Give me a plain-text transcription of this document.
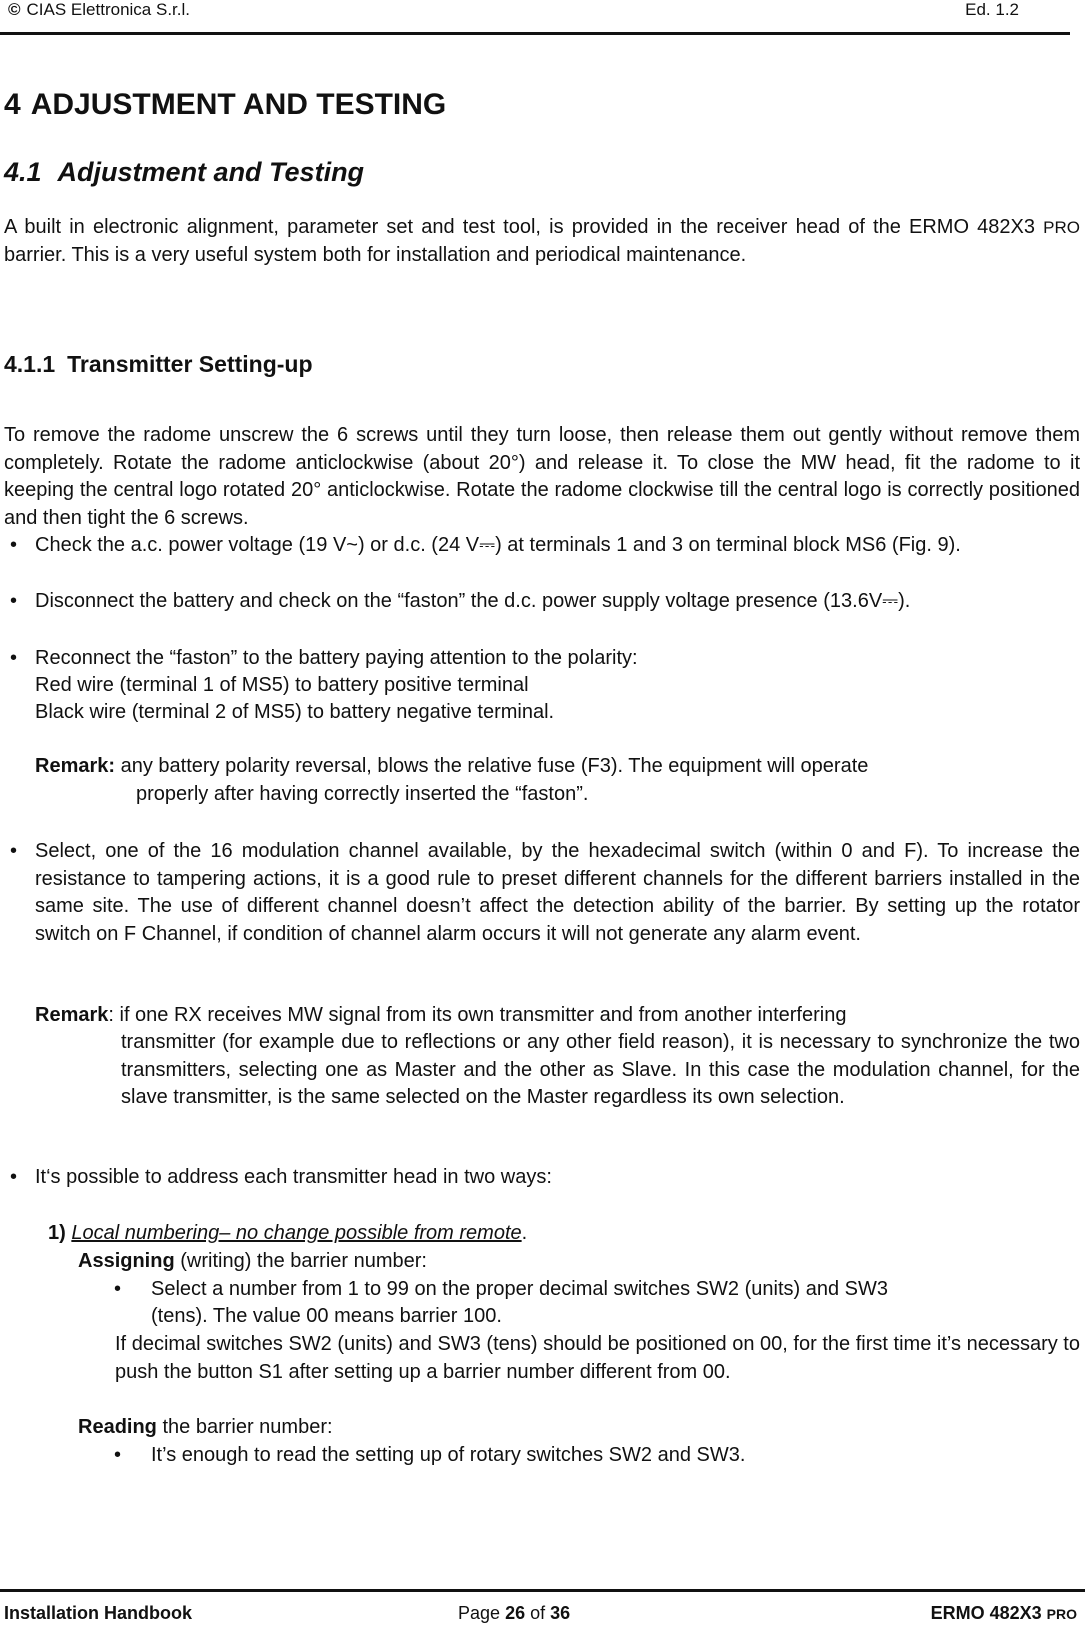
© CIAS Elettronica S.r.l.	Ed. 1.2
4 ADJUSTMENT AND TESTING
4.1 Adjustment and Testing
A built in electronic alignment, parameter set and test tool, is provided in the receiver head of the ERMO 482X3 PRO barrier. This is a very useful system both for installation and periodical maintenance.
4.1.1 Transmitter Setting-up
To remove the radome unscrew the 6 screws until they turn loose, then release them out gently without remove them completely. Rotate the radome anticlockwise (about 20°) and release it. To close the MW head, fit the radome to it keeping the central logo rotated 20° anticlockwise. Rotate the radome clockwise till the central logo is correctly positioned and then tight the 6 screws.
• Check the a.c. power voltage (19 V~) or d.c. (24 V⎓) at terminals 1 and 3 on terminal block MS6 (Fig. 9).
• Disconnect the battery and check on the “faston” the d.c. power supply voltage presence (13.6V⎓).
• Reconnect the “faston” to the battery paying attention to the polarity:
Red wire (terminal 1 of MS5) to battery positive terminal
Black wire (terminal 2 of MS5) to battery negative terminal.
Remark: any battery polarity reversal, blows the relative fuse (F3). The equipment will operate
properly after having correctly inserted the “faston”.
• Select, one of the 16 modulation channel available, by the hexadecimal switch (within 0 and F). To increase the resistance to tampering actions, it is a good rule to preset different channels for the different barriers installed in the same site. The use of different channel doesn’t affect the detection ability of the barrier. By setting up the rotator switch on F Channel, if condition of channel alarm occurs it will not generate any alarm event.
Remark: if one RX receives MW signal from its own transmitter and from another interfering
transmitter (for example due to reflections or any other field reason), it is necessary to synchronize the two transmitters, selecting one as Master and the other as Slave. In this case the modulation channel, for the slave transmitter, is the same selected on the Master regardless its own selection.
• It‘s possible to address each transmitter head in two ways:
1) Local numbering– no change possible from remote.
Assigning (writing) the barrier number:
• Select a number from 1 to 99 on the proper decimal switches SW2 (units) and SW3
(tens). The value 00 means barrier 100.
If decimal switches SW2 (units) and SW3 (tens) should be positioned on 00, for the first time it’s necessary to push the button S1 after setting up a barrier number different from 00.
Reading the barrier number:
• It’s enough to read the setting up of rotary switches SW2 and SW3.
Installation Handbook	Page 26 of 36	ERMO 482X3 PRO
